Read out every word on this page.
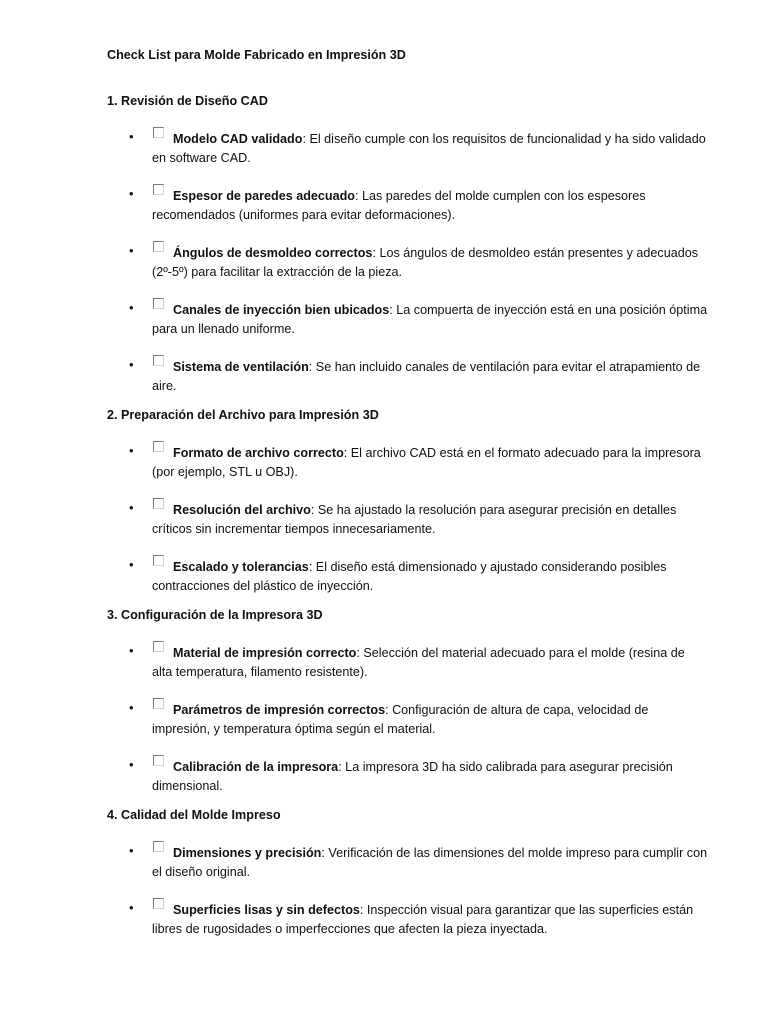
Check List para Molde Fabricado en Impresión 3D

1. Revisión de Diseño CAD

•	Modelo CAD validado: El diseño cumple con los requisitos de funcionalidad y ha sido validado en software CAD.
•	Espesor de paredes adecuado: Las paredes del molde cumplen con los espesores recomendados (uniformes para evitar deformaciones).
•	Ángulos de desmoldeo correctos: Los ángulos de desmoldeo están presentes y adecuados (2º-5º) para facilitar la extracción de la pieza.
•	Canales de inyección bien ubicados: La compuerta de inyección está en una posición óptima para un llenado uniforme.
•	Sistema de ventilación: Se han incluido canales de ventilación para evitar el atrapamiento de aire.

2. Preparación del Archivo para Impresión 3D

•	Formato de archivo correcto: El archivo CAD está en el formato adecuado para la impresora (por ejemplo, STL u OBJ).
•	Resolución del archivo: Se ha ajustado la resolución para asegurar precisión en detalles críticos sin incrementar tiempos innecesariamente.
•	Escalado y tolerancias: El diseño está dimensionado y ajustado considerando posibles contracciones del plástico de inyección.

3. Configuración de la Impresora 3D

•	Material de impresión correcto: Selección del material adecuado para el molde (resina de alta temperatura, filamento resistente).
•	Parámetros de impresión correctos: Configuración de altura de capa, velocidad de impresión, y temperatura óptima según el material.
•	Calibración de la impresora: La impresora 3D ha sido calibrada para asegurar precisión dimensional.

4. Calidad del Molde Impreso

•	Dimensiones y precisión: Verificación de las dimensiones del molde impreso para cumplir con el diseño original.
•	Superficies lisas y sin defectos: Inspección visual para garantizar que las superficies están libres de rugosidades o imperfecciones que afecten la pieza inyectada.
